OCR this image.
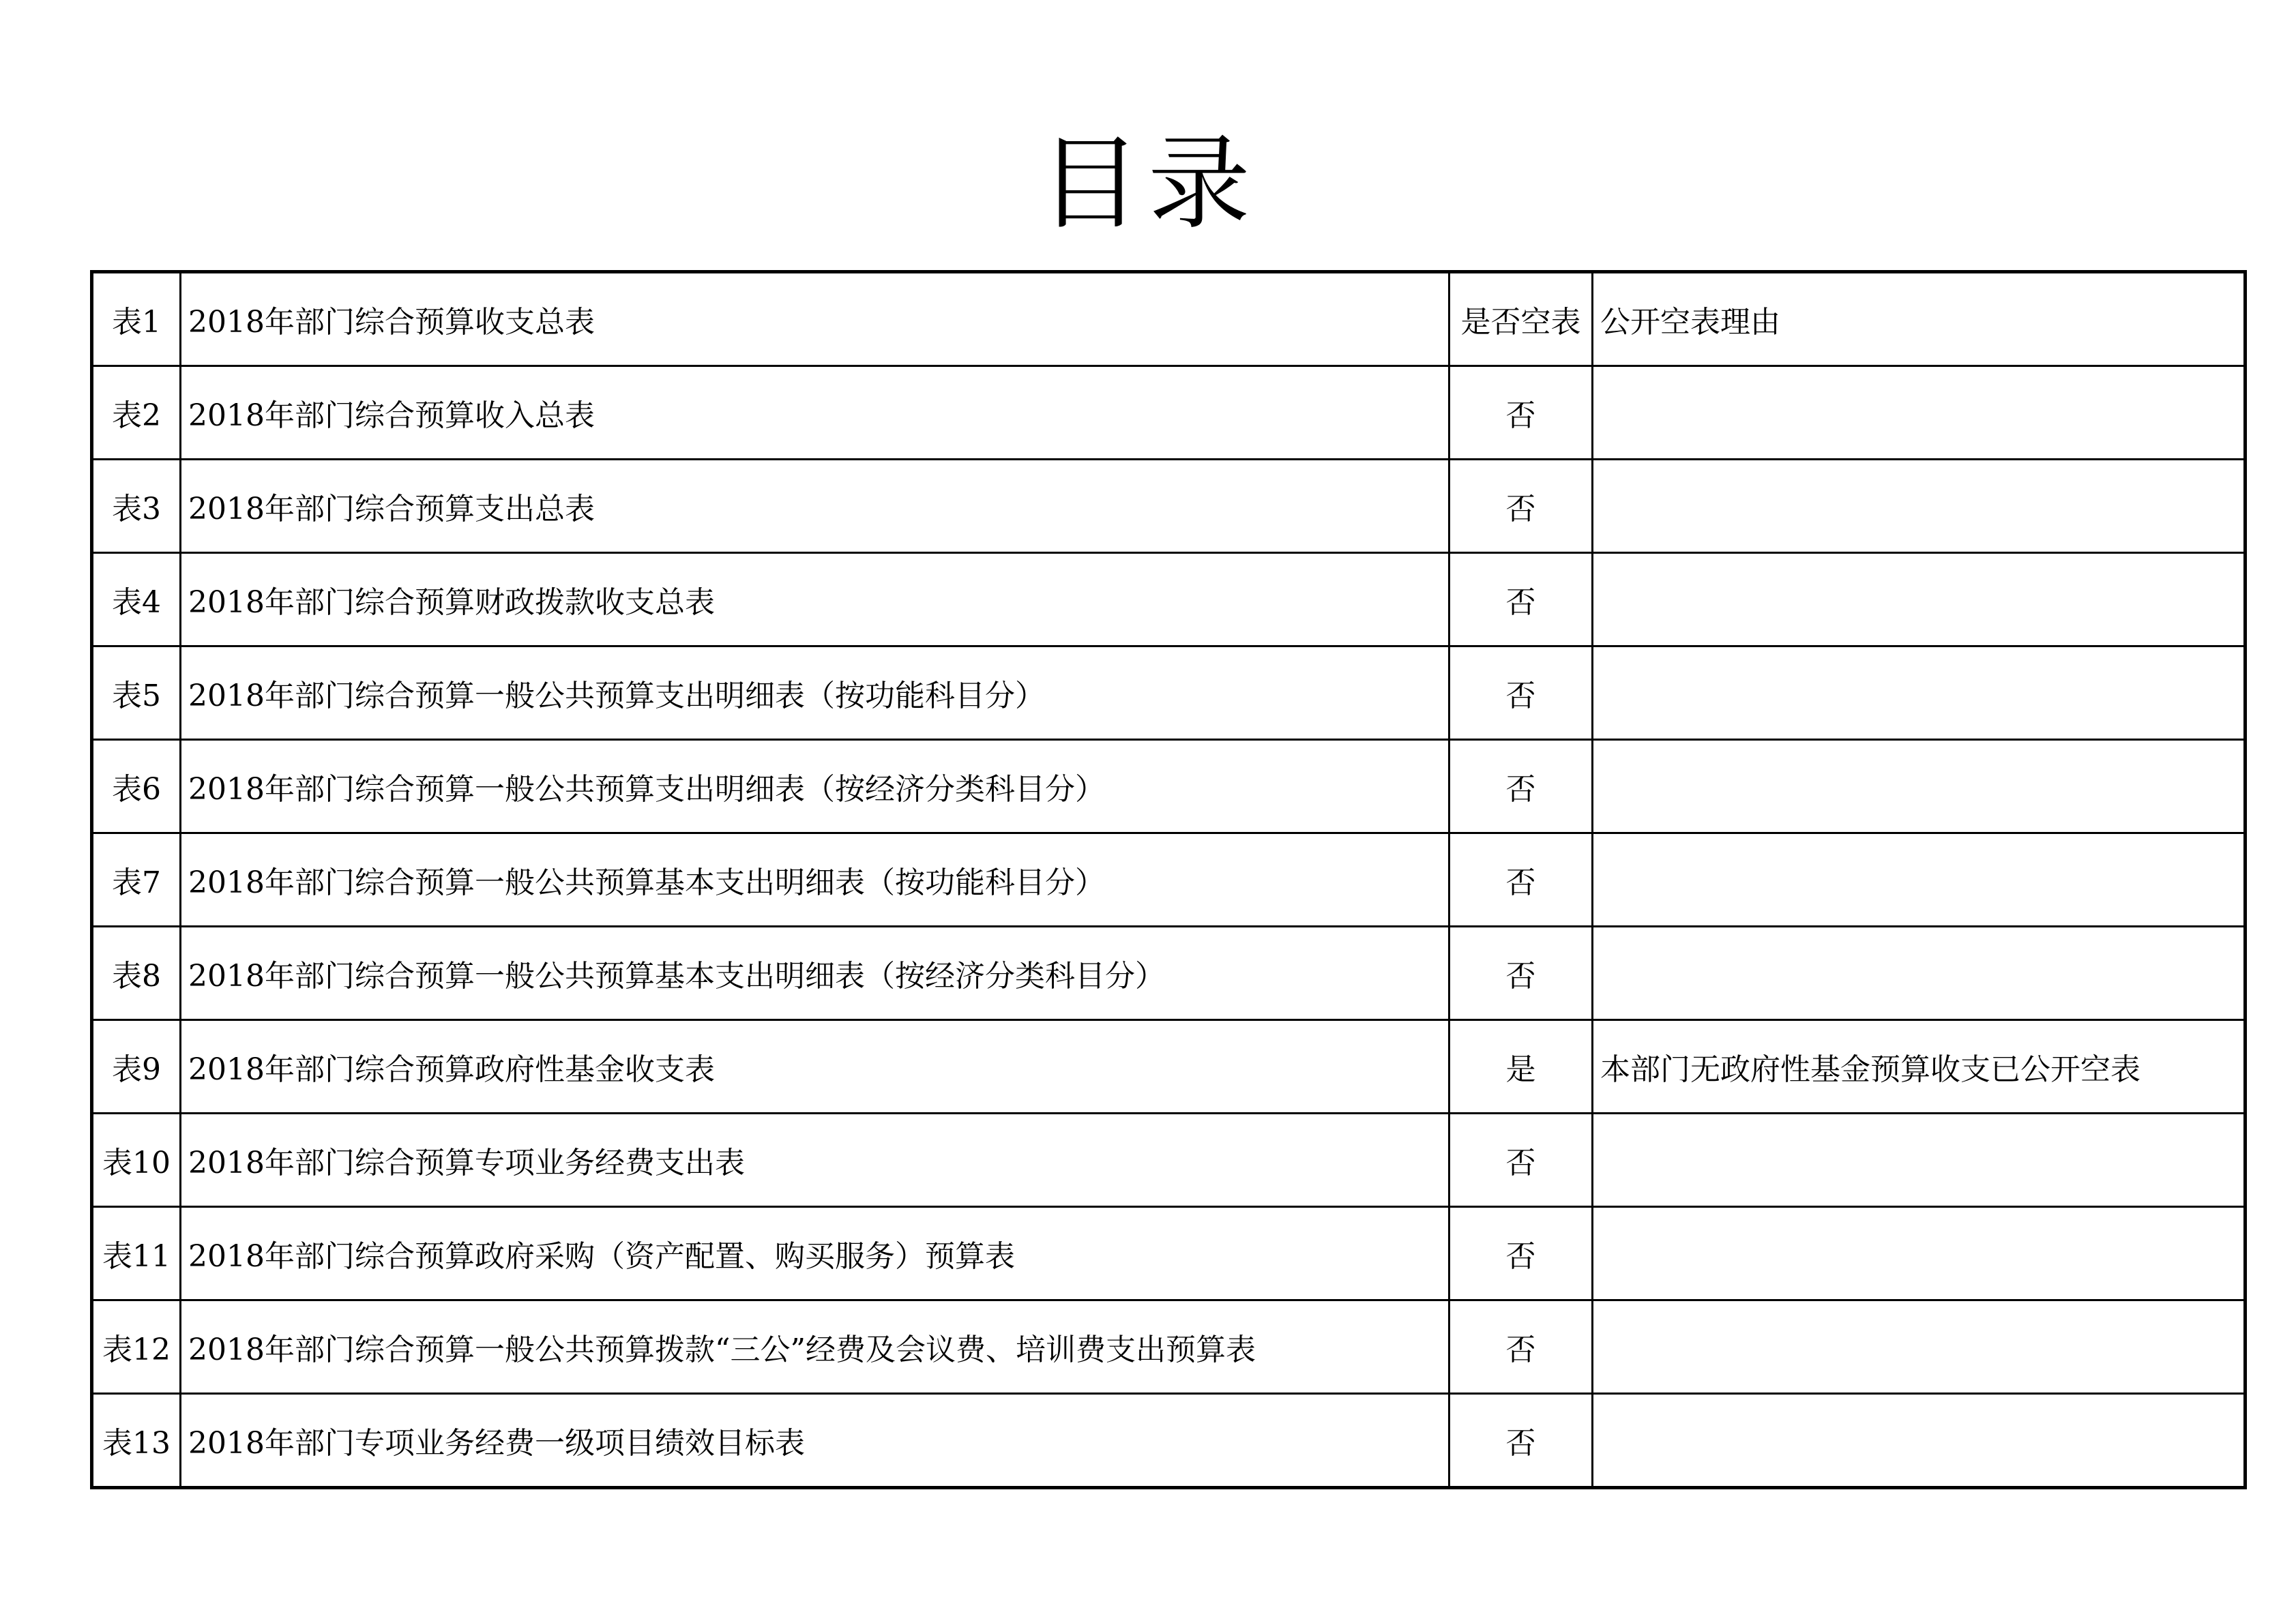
目录
表1	2018年部门综合预算收支总表	是否空表	公开空表理由
表2	2018年部门综合预算收入总表	否	
表3	2018年部门综合预算支出总表	否	
表4	2018年部门综合预算财政拨款收支总表	否	
表5	2018年部门综合预算一般公共预算支出明细表（按功能科目分）	否	
表6	2018年部门综合预算一般公共预算支出明细表（按经济分类科目分）	否	
表7	2018年部门综合预算一般公共预算基本支出明细表（按功能科目分）	否	
表8	2018年部门综合预算一般公共预算基本支出明细表（按经济分类科目分）	否	
表9	2018年部门综合预算政府性基金收支表	是	本部门无政府性基金预算收支已公开空表
表10	2018年部门综合预算专项业务经费支出表	否	
表11	2018年部门综合预算政府采购（资产配置、购买服务）预算表	否	
表12	2018年部门综合预算一般公共预算拨款“三公”经费及会议费、培训费支出预算表	否	
表13	2018年部门专项业务经费一级项目绩效目标表	否	
